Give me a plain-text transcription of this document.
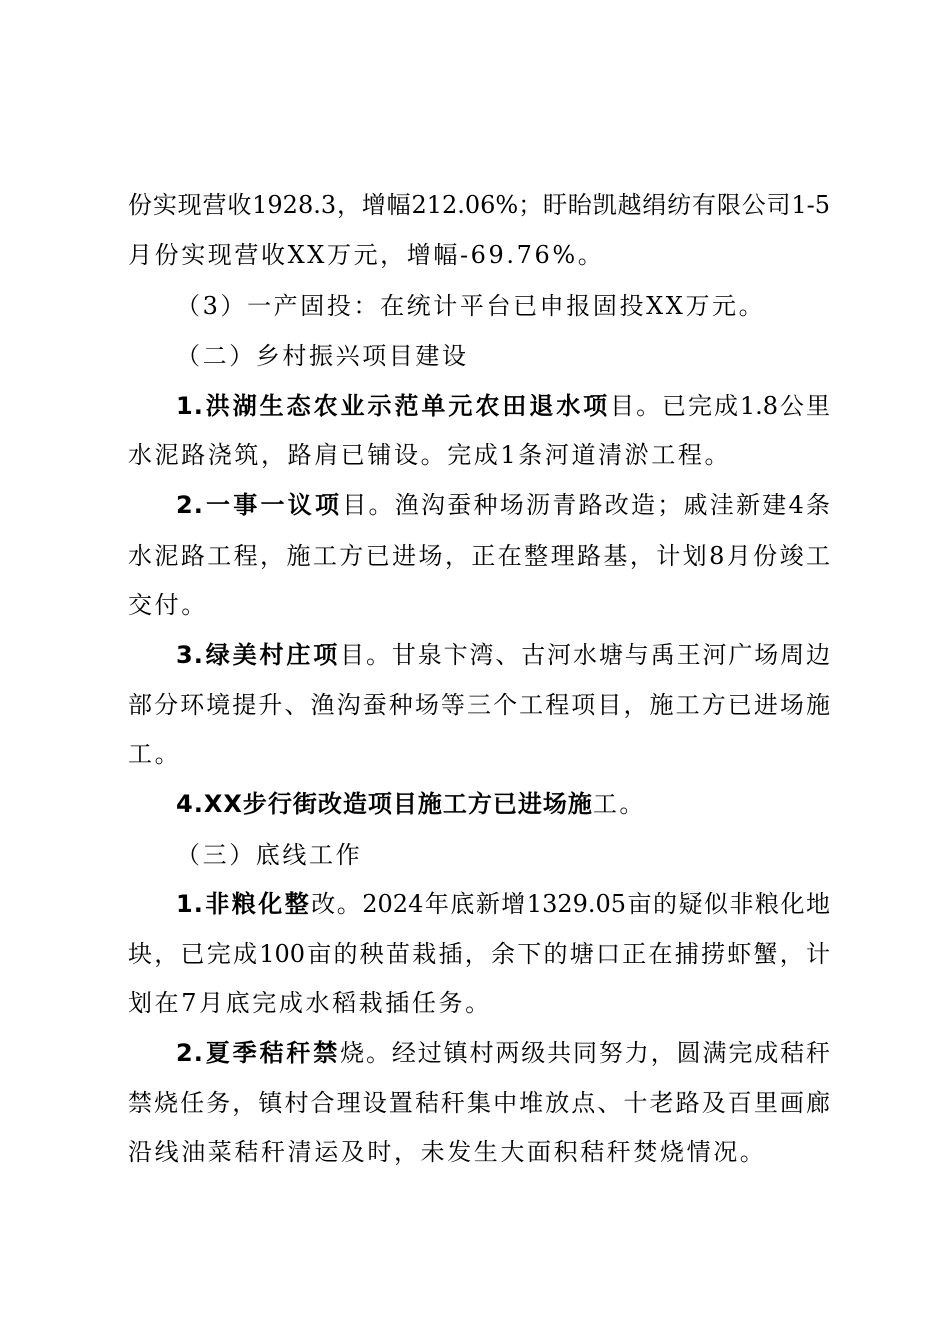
份实现营收1928.3，增幅212.06%；盱眙凯越绢纺有限公司1-5
月份实现营收XX万元，增幅-69.76%。
（3）一产固投：在统计平台已申报固投XX万元。
（二）乡村振兴项目建设
1.洪湖生态农业示范单元农田退水项目。已完成1.8公里
水泥路浇筑，路肩已铺设。完成1条河道清淤工程。
2.一事一议项目。渔沟蚕种场沥青路改造；戚洼新建4条
水泥路工程，施工方已进场，正在整理路基，计划8月份竣工
交付。
3.绿美村庄项目。甘泉卞湾、古河水塘与禹王河广场周边
部分环境提升、渔沟蚕种场等三个工程项目，施工方已进场施
工。
4.XX步行街改造项目施工方已进场施工。
（三）底线工作
1.非粮化整改。2024年底新增1329.05亩的疑似非粮化地
块，已完成100亩的秧苗栽插，余下的塘口正在捕捞虾蟹，计
划在7月底完成水稻栽插任务。
2.夏季秸秆禁烧。经过镇村两级共同努力，圆满完成秸秆
禁烧任务，镇村合理设置秸秆集中堆放点、十老路及百里画廊
沿线油菜秸秆清运及时，未发生大面积秸秆焚烧情况。
